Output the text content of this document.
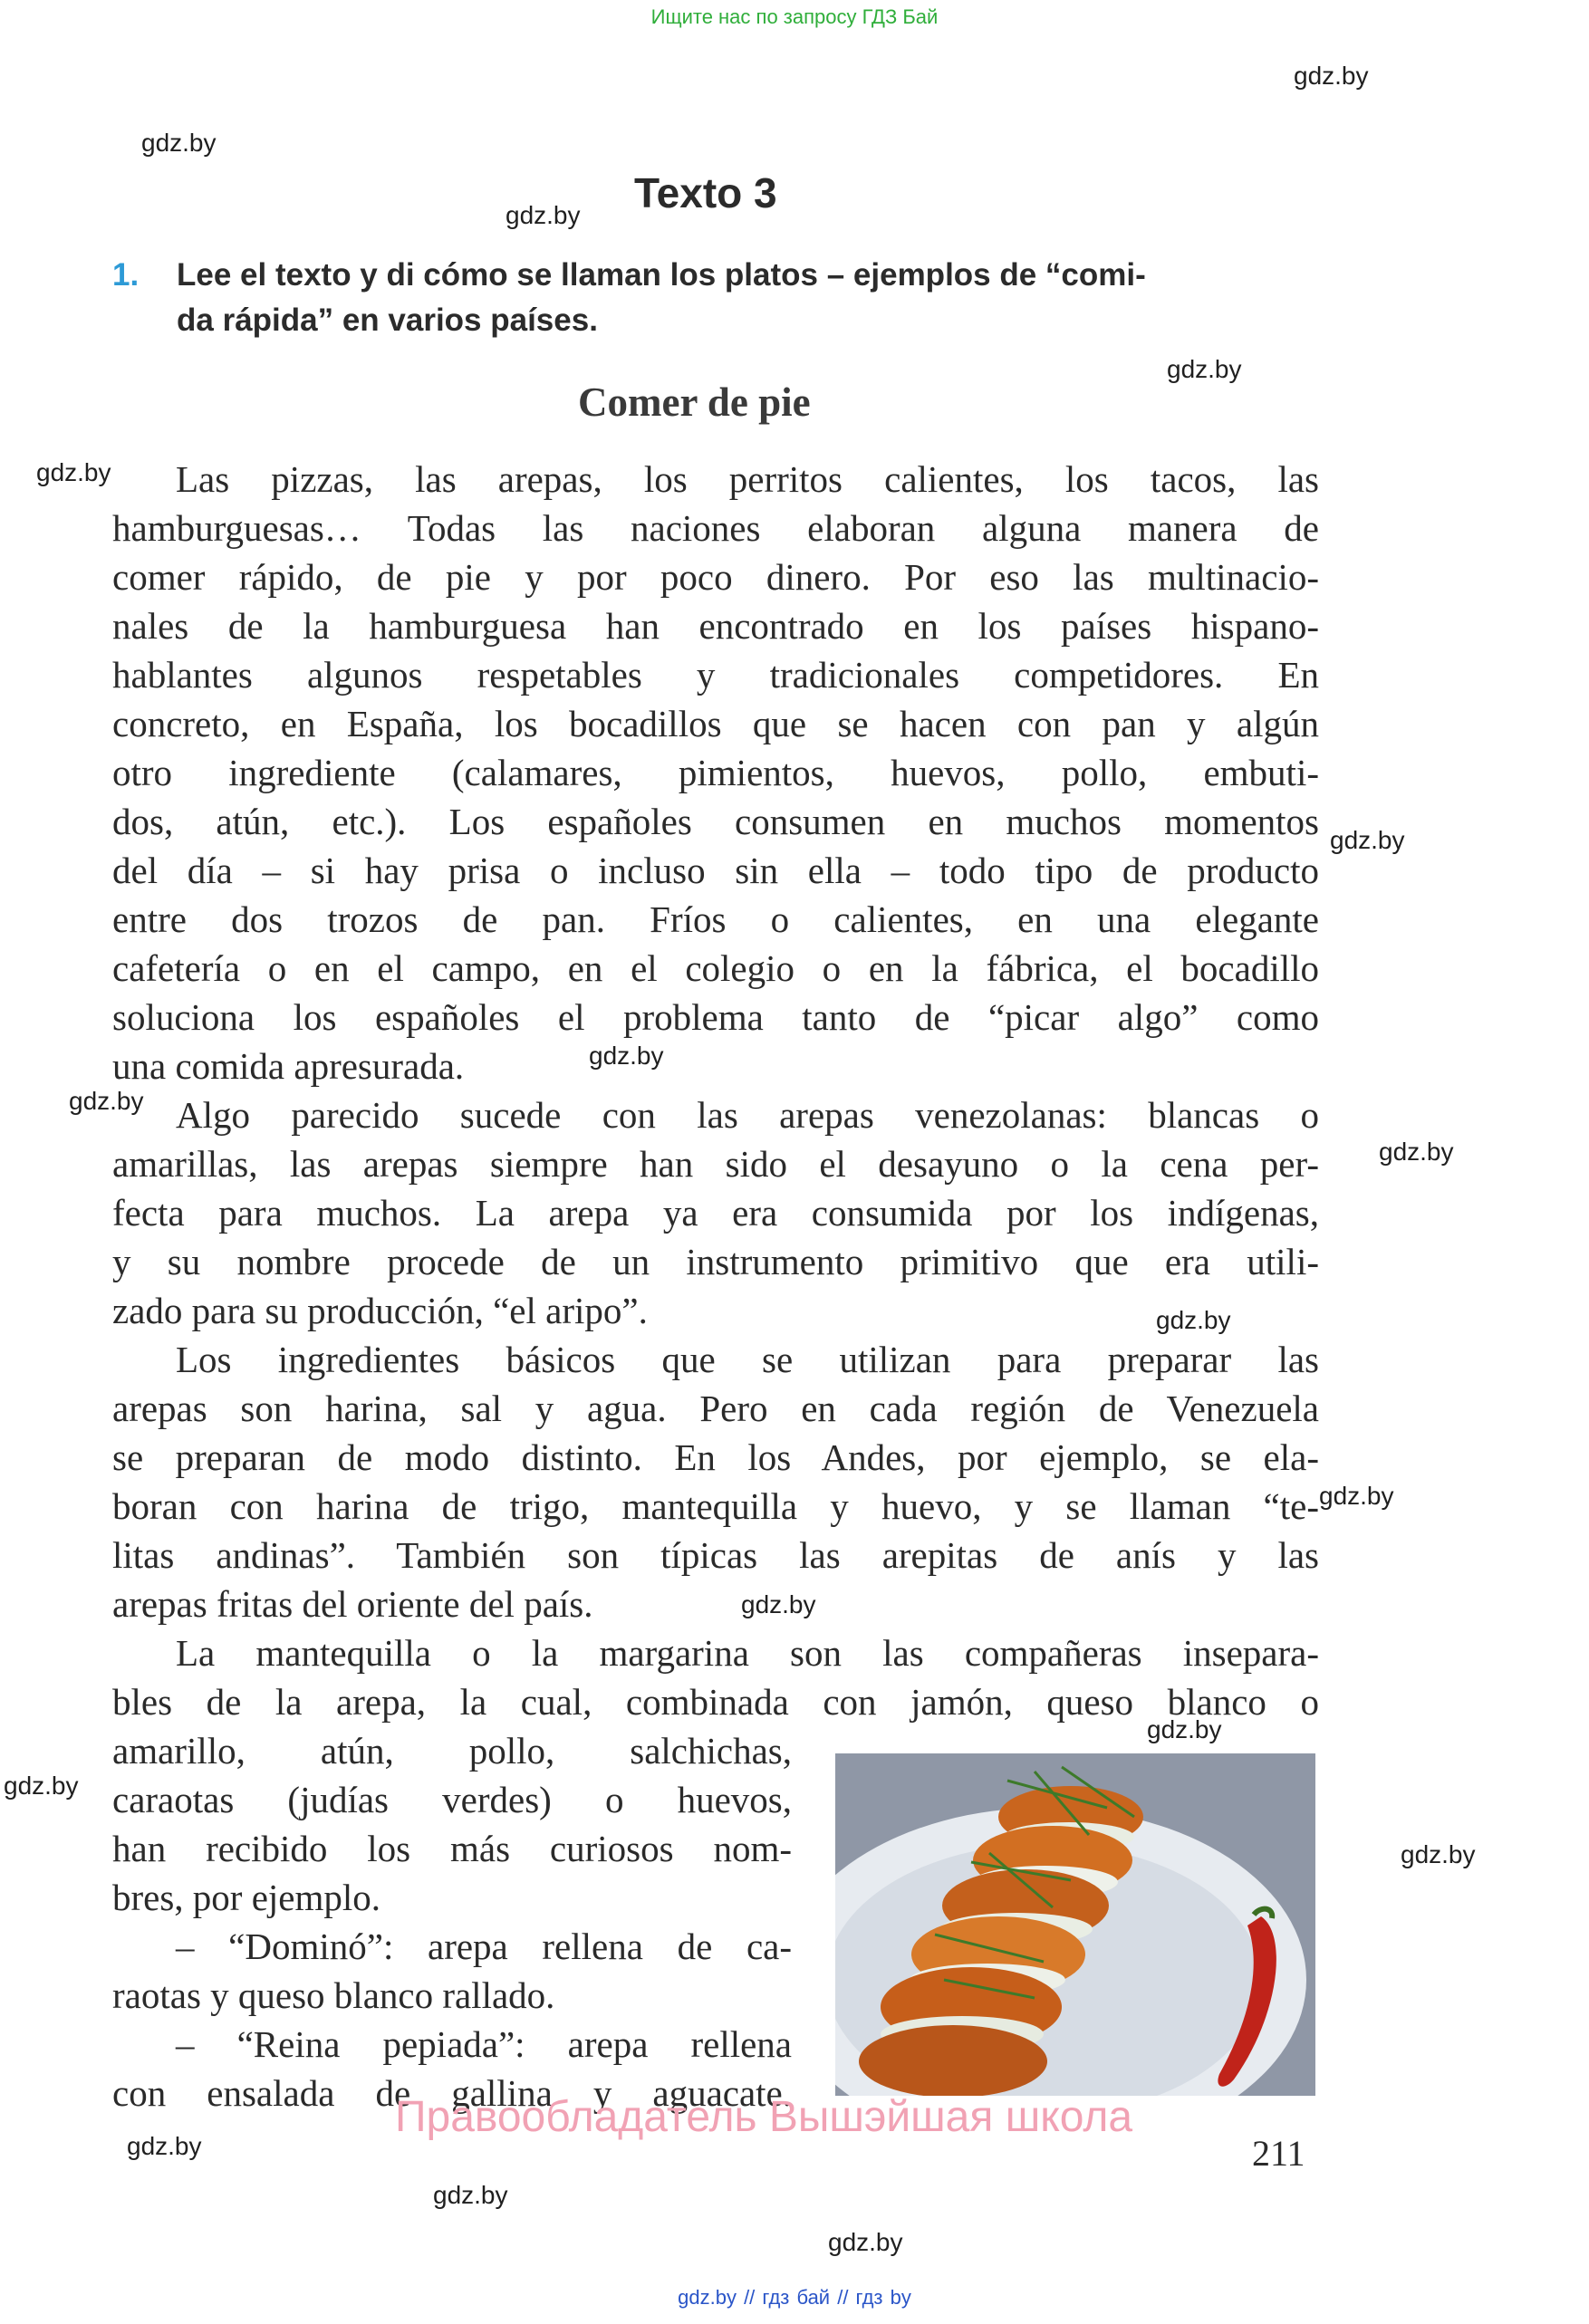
Ищите нас по запросу ГДЗ Бай
gdz.by
gdz.by
gdz.by
gdz.by
gdz.by
gdz.by
gdz.by
gdz.by
gdz.by
gdz.by
gdz.by
gdz.by
gdz.by
gdz.by
gdz.by
gdz.by
gdz.by
gdz.by
Texto 3
1. Lee el texto y di cómo se llaman los platos – ejemplos de “comi-
da rápida” en varios países.
Comer de pie
Las pizzas, las arepas, los perritos calientes, los tacos, las
hamburguesas… Todas las naciones elaboran alguna manera de
comer rápido, de pie y por poco dinero. Por eso las multinacio-
nales de la hamburguesa han encontrado en los países hispano-
hablantes algunos respetables y tradicionales competidores. En
concreto, en España, los bocadillos que se hacen con pan y algún
otro ingrediente (calamares, pimientos, huevos, pollo, embuti-
dos, atún, etc.). Los españoles consumen en muchos momentos
del día – si hay prisa o incluso sin ella – todo tipo de producto
entre dos trozos de pan. Fríos o calientes, en una elegante
cafetería o en el campo, en el colegio o en la fábrica, el bocadillo
soluciona los españoles el problema tanto de “picar algo” como
una comida apresurada.
Algo parecido sucede con las arepas venezolanas: blancas o
amarillas, las arepas siempre han sido el desayuno o la cena per-
fecta para muchos. La arepa ya era consumida por los indígenas,
y su nombre procede de un instrumento primitivo que era utili-
zado para su producción, “el aripo”.
Los ingredientes básicos que se utilizan para preparar las
arepas son harina, sal y agua. Pero en cada región de Venezuela
se preparan de modo distinto. En los Andes, por ejemplo, se ela-
boran con harina de trigo, mantequilla y huevo, y se llaman “te-
litas andinas”. También son típicas las arepitas de anís y las
arepas fritas del oriente del país.
La mantequilla o la margarina son las compañeras insepara-
bles de la arepa, la cual, combinada con jamón, queso blanco o
amarillo, atún, pollo, salchichas,
caraotas (judías verdes) o huevos,
han recibido los más curiosos nom-
bres, por ejemplo.
– “Dominó”: arepa rellena de ca-
raotas y queso blanco rallado.
– “Reina pepiada”: arepa rellena
con ensalada de gallina y aguacate.
Правообладатель Вышэйшая школа
211
gdz.by // гдз бай // гдз by
